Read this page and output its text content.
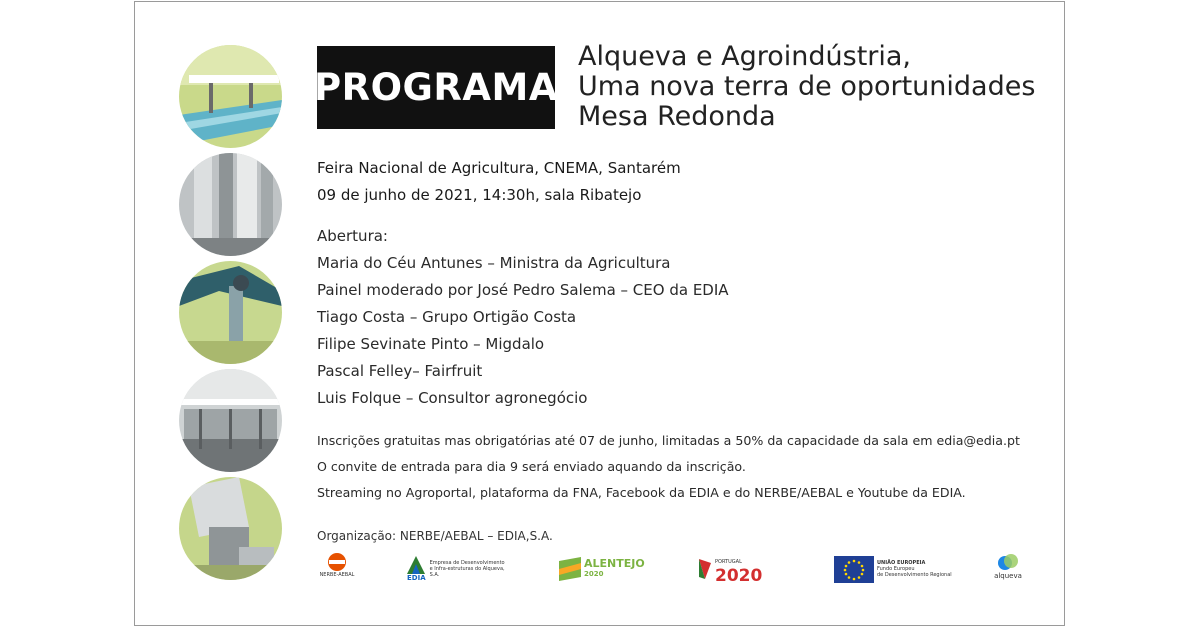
PROGRAMA
Alqueva e Agroindústria,
Uma nova terra de oportunidades
Mesa Redonda
Feira Nacional de Agricultura, CNEMA, Santarém
09 de junho de 2021, 14:30h, sala Ribatejo
Abertura:
Maria do Céu Antunes – Ministra da Agricultura
Painel moderado por José Pedro Salema – CEO da EDIA
Tiago Costa – Grupo Ortigão Costa
Filipe Sevinate Pinto – Migdalo
Pascal Felley– Fairfruit
Luis Folque – Consultor agronegócio
Inscrições gratuitas mas obrigatórias até 07 de junho, limitadas a 50% da capacidade da sala em edia@edia.pt
O convite de entrada para dia 9 será enviado aquando da inscrição.
Streaming no Agroportal, plataforma da FNA, Facebook da EDIA e do NERBE/AEBAL e Youtube da EDIA.
Organização: NERBE/AEBAL – EDIA,S.A.
NERBE-AEBAL	EDIA
Empresa de Desenvolvimento
e Infra-estruturas do Alqueva, S.A.
ALENTEJO
2020
PORTUGAL
2020
UNIÃO EUROPEIA
Fundo Europeu
de Desenvolvimento Regional	alqueva
